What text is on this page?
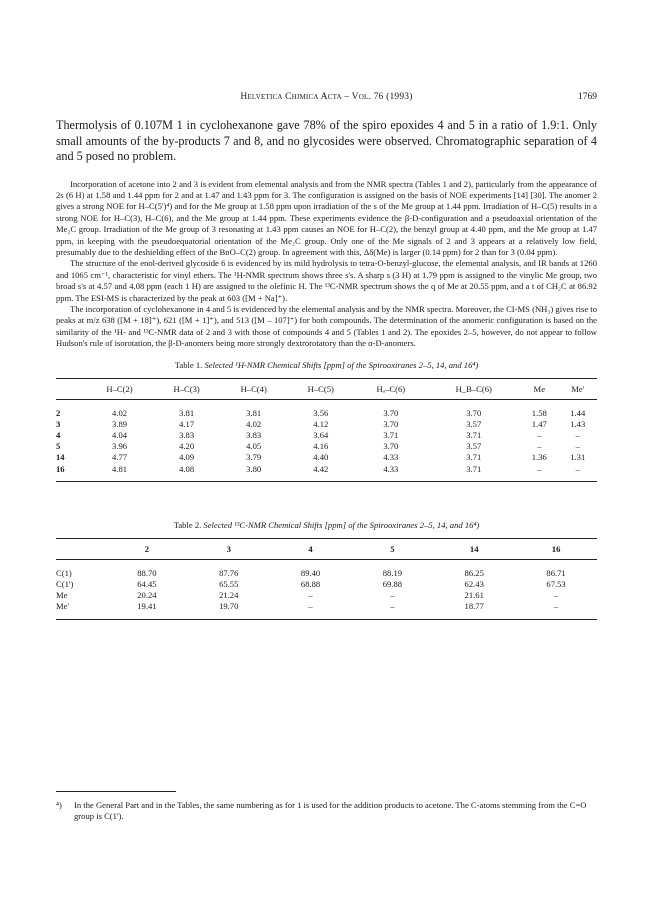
Helvetica Chimica Acta – Vol. 76 (1993)	1769
Thermolysis of 0.107M 1 in cyclohexanone gave 78% of the spiro epoxides 4 and 5 in a ratio of 1.9:1. Only small amounts of the by-products 7 and 8, and no glycosides were observed. Chromatographic separation of 4 and 5 posed no problem.

Incorporation of acetone into 2 and 3 is evident from elemental analysis and from the NMR spectra (Tables 1 and 2), particularly from the appearance of 2s (6 H) at 1.58 and 1.44 ppm for 2 and at 1.47 and 1.43 ppm for 3. The configuration is assigned on the basis of NOE experiments [14] [30]. The anomer 2 gives a strong NOE for H–C(5')⁴) and for the Me group at 1.58 ppm upon irradiation of the s of the Me group at 1.44 ppm. Irradiation of H–C(5) results in a strong NOE for H–C(3), H–C(6), and the Me group at 1.44 ppm. These experiments evidence the β-D-configuration and a pseudoaxial orientation of the Me₂C group. Irradiation of the Me group of 3 resonating at 1.43 ppm causes an NOE for H–C(2), the benzyl group at 4.40 ppm, and the Me group at 1.47 ppm, in keeping with the pseudoequatorial orientation of the Me₂C group. Only one of the Me signals of 2 and 3 appears at a relatively low field, presumably due to the deshielding effect of the BnO–C(2) group. In agreement with this, Δδ(Me) is larger (0.14 ppm) for 2 than for 3 (0.04 ppm).

The structure of the enol-derived glycoside 6 is evidenced by its mild hydrolysis to tetra-O-benzyl-glucose, the elemental analysis, and IR bands at 1260 and 1065 cm⁻¹, characteristic for vinyl ethers. The ¹H-NMR spectrum shows three s's. A sharp s (3 H) at 1.79 ppm is assigned to the vinylic Me group, two broad s's at 4.57 and 4.08 ppm (each 1 H) are assigned to the olefinic H. The ¹³C-NMR spectrum shows the q of Me at 20.55 ppm, and a t of CH₂C at 86.92 ppm. The ESI-MS is characterized by the peak at 603 ([M + Na]⁺).

The incorporation of cyclohexanone in 4 and 5 is evidenced by the elemental analysis and by the NMR spectra. Moreover, the CI-MS (NH₃) gives rise to peaks at m/z 638 ([M + 18]⁺), 621 ([M + 1]⁺), and 513 ([M – 107]⁺) for both compounds. The determination of the anomeric configuration is based on the similarity of the ¹H- and ¹³C-NMR data of 2 and 3 with those of compounds 4 and 5 (Tables 1 and 2). The epoxides 2–5, however, do not appear to follow Hudson's rule of isorotation, the β-D-anomers being more strongly dextrorotatory than the α-D-anomers.

Table 1. Selected ¹H-NMR Chemical Shifts [ppm] of the Spirooxiranes 2–5, 14, and 16⁴)
	H–C(2)	H–C(3)	H–C(4)	H–C(5)	Hₐ–C(6)	H_B–C(6)	Me	Me'
2	4.02	3.81	3.81	3.56	3.70	3.70	1.58	1.44
3	3.89	4.17	4.02	4.12	3.70	3.57	1.47	1.43
4	4.04	3.83	3.83	3.64	3.71	3.71	–	–
5	3.96	4.20	4.05	4.16	3.70	3.57	–	–
14	4.77	4.09	3.79	4.40	4.33	3.71	1.36	1.31
16	4.81	4.08	3.80	4.42	4.33	3.71	–	–
Table 2. Selected ¹³C-NMR Chemical Shifts [ppm] of the Spirooxiranes 2–5, 14, and 16⁴)
	2	3	4	5	14	16
C(1)	88.70	87.76	89.40	88.19	86.25	86.71
C(1')	64.45	65.55	68.88	69.88	62.43	67.53
Me	20.24	21.24	–	–	21.61	–
Me'	19.41	19.70	–	–	18.77	–
⁴) In the General Part and in the Tables, the same numbering as for 1 is used for the addition products to acetone. The C-atoms stemming from the C=O group is C(1').
